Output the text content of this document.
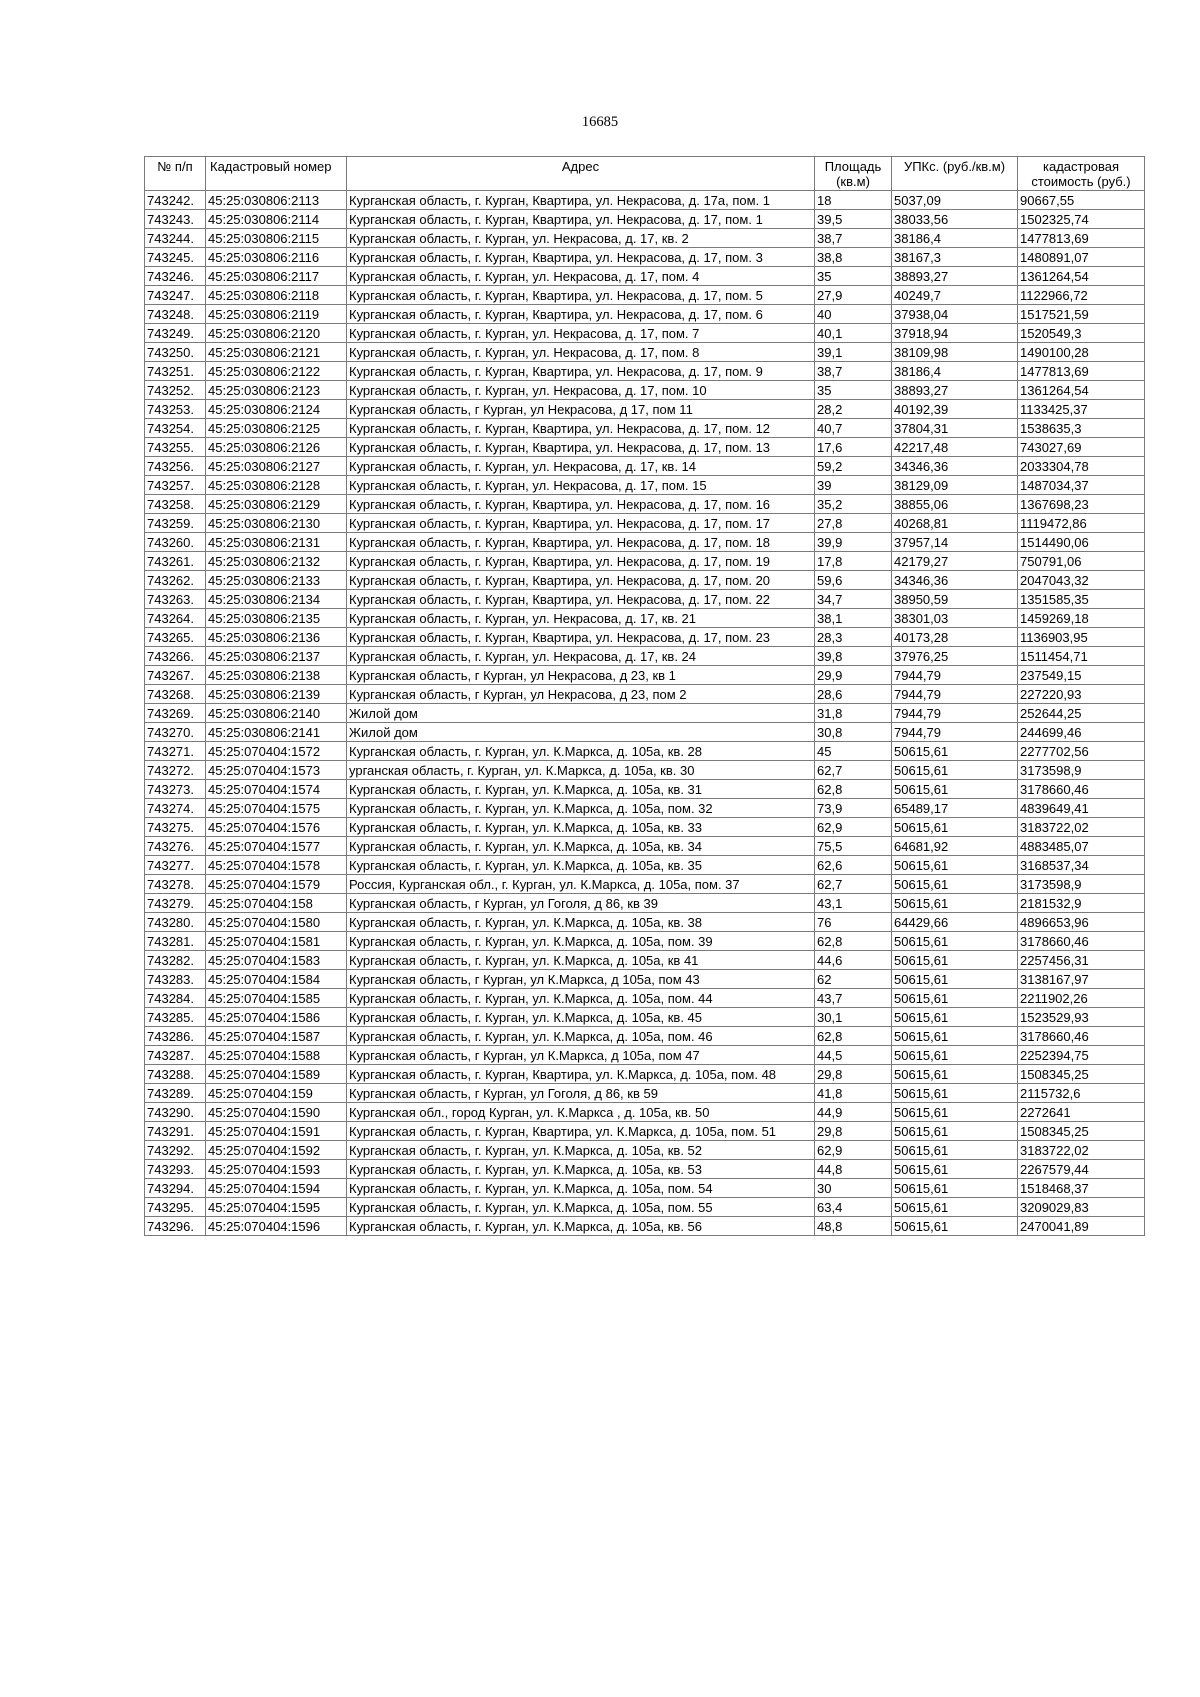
16685
№ п/п	Кадастровый номер	Адрес	Площадь (кв.м)	УПКс. (руб./кв.м)	кадастровая стоимость (руб.)
743242.	45:25:030806:2113	Курганская область, г. Курган, Квартира, ул. Некрасова, д. 17а, пом. 1	18	5037,09	90667,55
743243.	45:25:030806:2114	Курганская область, г. Курган, Квартира, ул. Некрасова, д. 17, пом. 1	39,5	38033,56	1502325,74
743244.	45:25:030806:2115	Курганская область, г. Курган, ул. Некрасова, д. 17, кв. 2	38,7	38186,4	1477813,69
743245.	45:25:030806:2116	Курганская область, г. Курган, Квартира, ул. Некрасова, д. 17, пом. 3	38,8	38167,3	1480891,07
743246.	45:25:030806:2117	Курганская область, г. Курган, ул. Некрасова, д. 17, пом. 4	35	38893,27	1361264,54
743247.	45:25:030806:2118	Курганская область, г. Курган, Квартира, ул. Некрасова, д. 17, пом. 5	27,9	40249,7	1122966,72
743248.	45:25:030806:2119	Курганская область, г. Курган, Квартира, ул. Некрасова, д. 17, пом. 6	40	37938,04	1517521,59
743249.	45:25:030806:2120	Курганская область, г. Курган, ул. Некрасова, д. 17, пом. 7	40,1	37918,94	1520549,3
743250.	45:25:030806:2121	Курганская область, г. Курган, ул. Некрасова, д. 17, пом. 8	39,1	38109,98	1490100,28
743251.	45:25:030806:2122	Курганская область, г. Курган, Квартира, ул. Некрасова, д. 17, пом. 9	38,7	38186,4	1477813,69
743252.	45:25:030806:2123	Курганская область, г. Курган, ул. Некрасова, д. 17, пом. 10	35	38893,27	1361264,54
743253.	45:25:030806:2124	Курганская область, г Курган, ул Некрасова, д 17, пом 11	28,2	40192,39	1133425,37
743254.	45:25:030806:2125	Курганская область, г. Курган, Квартира, ул. Некрасова, д. 17, пом. 12	40,7	37804,31	1538635,3
743255.	45:25:030806:2126	Курганская область, г. Курган, Квартира, ул. Некрасова, д. 17, пом. 13	17,6	42217,48	743027,69
743256.	45:25:030806:2127	Курганская область, г. Курган, ул. Некрасова, д. 17, кв. 14	59,2	34346,36	2033304,78
743257.	45:25:030806:2128	Курганская область, г. Курган, ул. Некрасова, д. 17, пом. 15	39	38129,09	1487034,37
743258.	45:25:030806:2129	Курганская область, г. Курган, Квартира, ул. Некрасова, д. 17, пом. 16	35,2	38855,06	1367698,23
743259.	45:25:030806:2130	Курганская область, г. Курган, Квартира, ул. Некрасова, д. 17, пом. 17	27,8	40268,81	1119472,86
743260.	45:25:030806:2131	Курганская область, г. Курган, Квартира, ул. Некрасова, д. 17, пом. 18	39,9	37957,14	1514490,06
743261.	45:25:030806:2132	Курганская область, г. Курган, Квартира, ул. Некрасова, д. 17, пом. 19	17,8	42179,27	750791,06
743262.	45:25:030806:2133	Курганская область, г. Курган, Квартира, ул. Некрасова, д. 17, пом. 20	59,6	34346,36	2047043,32
743263.	45:25:030806:2134	Курганская область, г. Курган, Квартира, ул. Некрасова, д. 17, пом. 22	34,7	38950,59	1351585,35
743264.	45:25:030806:2135	Курганская область, г. Курган, ул. Некрасова, д. 17, кв. 21	38,1	38301,03	1459269,18
743265.	45:25:030806:2136	Курганская область, г. Курган, Квартира, ул. Некрасова, д. 17, пом. 23	28,3	40173,28	1136903,95
743266.	45:25:030806:2137	Курганская область, г. Курган, ул. Некрасова, д. 17, кв. 24	39,8	37976,25	1511454,71
743267.	45:25:030806:2138	Курганская область, г Курган, ул Некрасова, д 23, кв 1	29,9	7944,79	237549,15
743268.	45:25:030806:2139	Курганская область, г Курган, ул Некрасова, д 23, пом 2	28,6	7944,79	227220,93
743269.	45:25:030806:2140	Жилой дом	31,8	7944,79	252644,25
743270.	45:25:030806:2141	Жилой дом	30,8	7944,79	244699,46
743271.	45:25:070404:1572	Курганская область, г. Курган, ул. К.Маркса, д. 105а, кв. 28	45	50615,61	2277702,56
743272.	45:25:070404:1573	урганская область, г. Курган, ул. К.Маркса, д. 105а, кв. 30	62,7	50615,61	3173598,9
743273.	45:25:070404:1574	Курганская область, г. Курган, ул. К.Маркса, д. 105а, кв. 31	62,8	50615,61	3178660,46
743274.	45:25:070404:1575	Курганская область, г. Курган, ул. К.Маркса, д. 105а, пом. 32	73,9	65489,17	4839649,41
743275.	45:25:070404:1576	Курганская область, г. Курган, ул. К.Маркса, д. 105а, кв. 33	62,9	50615,61	3183722,02
743276.	45:25:070404:1577	Курганская область, г. Курган, ул. К.Маркса, д. 105а, кв. 34	75,5	64681,92	4883485,07
743277.	45:25:070404:1578	Курганская область, г. Курган, ул. К.Маркса, д. 105а, кв. 35	62,6	50615,61	3168537,34
743278.	45:25:070404:1579	Россия, Курганская обл., г. Курган, ул. К.Маркса, д. 105а, пом. 37	62,7	50615,61	3173598,9
743279.	45:25:070404:158	Курганская область, г Курган, ул Гоголя, д 86, кв 39	43,1	50615,61	2181532,9
743280.	45:25:070404:1580	Курганская область, г. Курган, ул. К.Маркса, д. 105а, кв. 38	76	64429,66	4896653,96
743281.	45:25:070404:1581	Курганская область, г. Курган, ул. К.Маркса, д. 105а, пом. 39	62,8	50615,61	3178660,46
743282.	45:25:070404:1583	Курганская область, г. Курган, ул. К.Маркса, д. 105а, кв 41	44,6	50615,61	2257456,31
743283.	45:25:070404:1584	Курганская область, г Курган, ул К.Маркса, д 105а, пом 43	62	50615,61	3138167,97
743284.	45:25:070404:1585	Курганская область, г. Курган, ул. К.Маркса, д. 105а, пом. 44	43,7	50615,61	2211902,26
743285.	45:25:070404:1586	Курганская область, г. Курган, ул. К.Маркса, д. 105а, кв. 45	30,1	50615,61	1523529,93
743286.	45:25:070404:1587	Курганская область, г. Курган, ул. К.Маркса, д. 105а, пом. 46	62,8	50615,61	3178660,46
743287.	45:25:070404:1588	Курганская область, г Курган, ул К.Маркса, д 105а, пом 47	44,5	50615,61	2252394,75
743288.	45:25:070404:1589	Курганская область, г. Курган, Квартира, ул. К.Маркса, д. 105а, пом. 48	29,8	50615,61	1508345,25
743289.	45:25:070404:159	Курганская область, г Курган, ул Гоголя, д 86, кв 59	41,8	50615,61	2115732,6
743290.	45:25:070404:1590	Курганская обл., город Курган, ул. К.Маркса , д. 105а, кв. 50	44,9	50615,61	2272641
743291.	45:25:070404:1591	Курганская область, г. Курган, Квартира, ул. К.Маркса, д. 105а, пом. 51	29,8	50615,61	1508345,25
743292.	45:25:070404:1592	Курганская область, г. Курган, ул. К.Маркса, д. 105а, кв. 52	62,9	50615,61	3183722,02
743293.	45:25:070404:1593	Курганская область, г. Курган, ул. К.Маркса, д. 105а, кв. 53	44,8	50615,61	2267579,44
743294.	45:25:070404:1594	Курганская область, г. Курган, ул. К.Маркса, д. 105а, пом. 54	30	50615,61	1518468,37
743295.	45:25:070404:1595	Курганская область, г. Курган, ул. К.Маркса, д. 105а, пом. 55	63,4	50615,61	3209029,83
743296.	45:25:070404:1596	Курганская область, г. Курган, ул. К.Маркса, д. 105а, кв. 56	48,8	50615,61	2470041,89
